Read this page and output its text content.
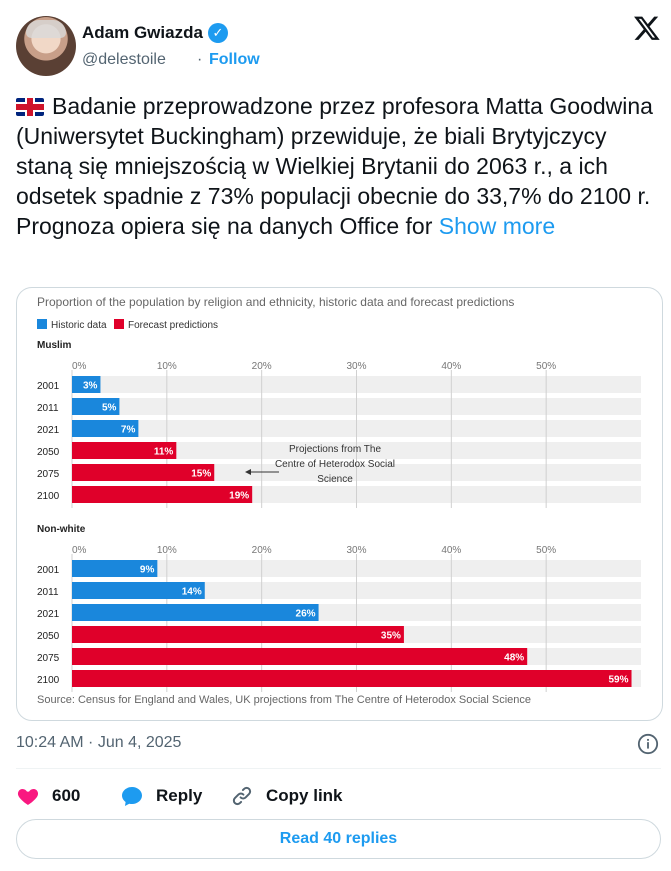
Adam Gwiazda ✓
@delestoile · Follow
Badanie przeprowadzone przez profesora Matta Goodwina (Uniwersytet Buckingham) przewiduje, że biali Brytyjczycy staną się mniejszością w Wielkiej Brytanii do 2063 r., a ich odsetek spadnie z 73% populacji obecnie do 33,7% do 2100 r. Prognoza opiera się na danych Office for Show more
Proportion of the population by religion and ethnicity, historic data and forecast predictions
Historic data Forecast predictions
Muslim
0%	10%	20%	30%	40%	50%
2001 3%
2011	5%
2021	7%
2050	11%
2075	15%
2100	19%
Projections from The
Centre of Heterodox Social
Science
Non-white
0%	10%	20%	30%	40%	50%
2001	9%
2011	14%
2021	26%
2050	35%
2075	48%
2100	59%
Source: Census for England and Wales, UK projections from The Centre of Heterodox Social Science
10:24 AM · Jun 4, 2025
600	Reply	Copy link
Read 40 replies
